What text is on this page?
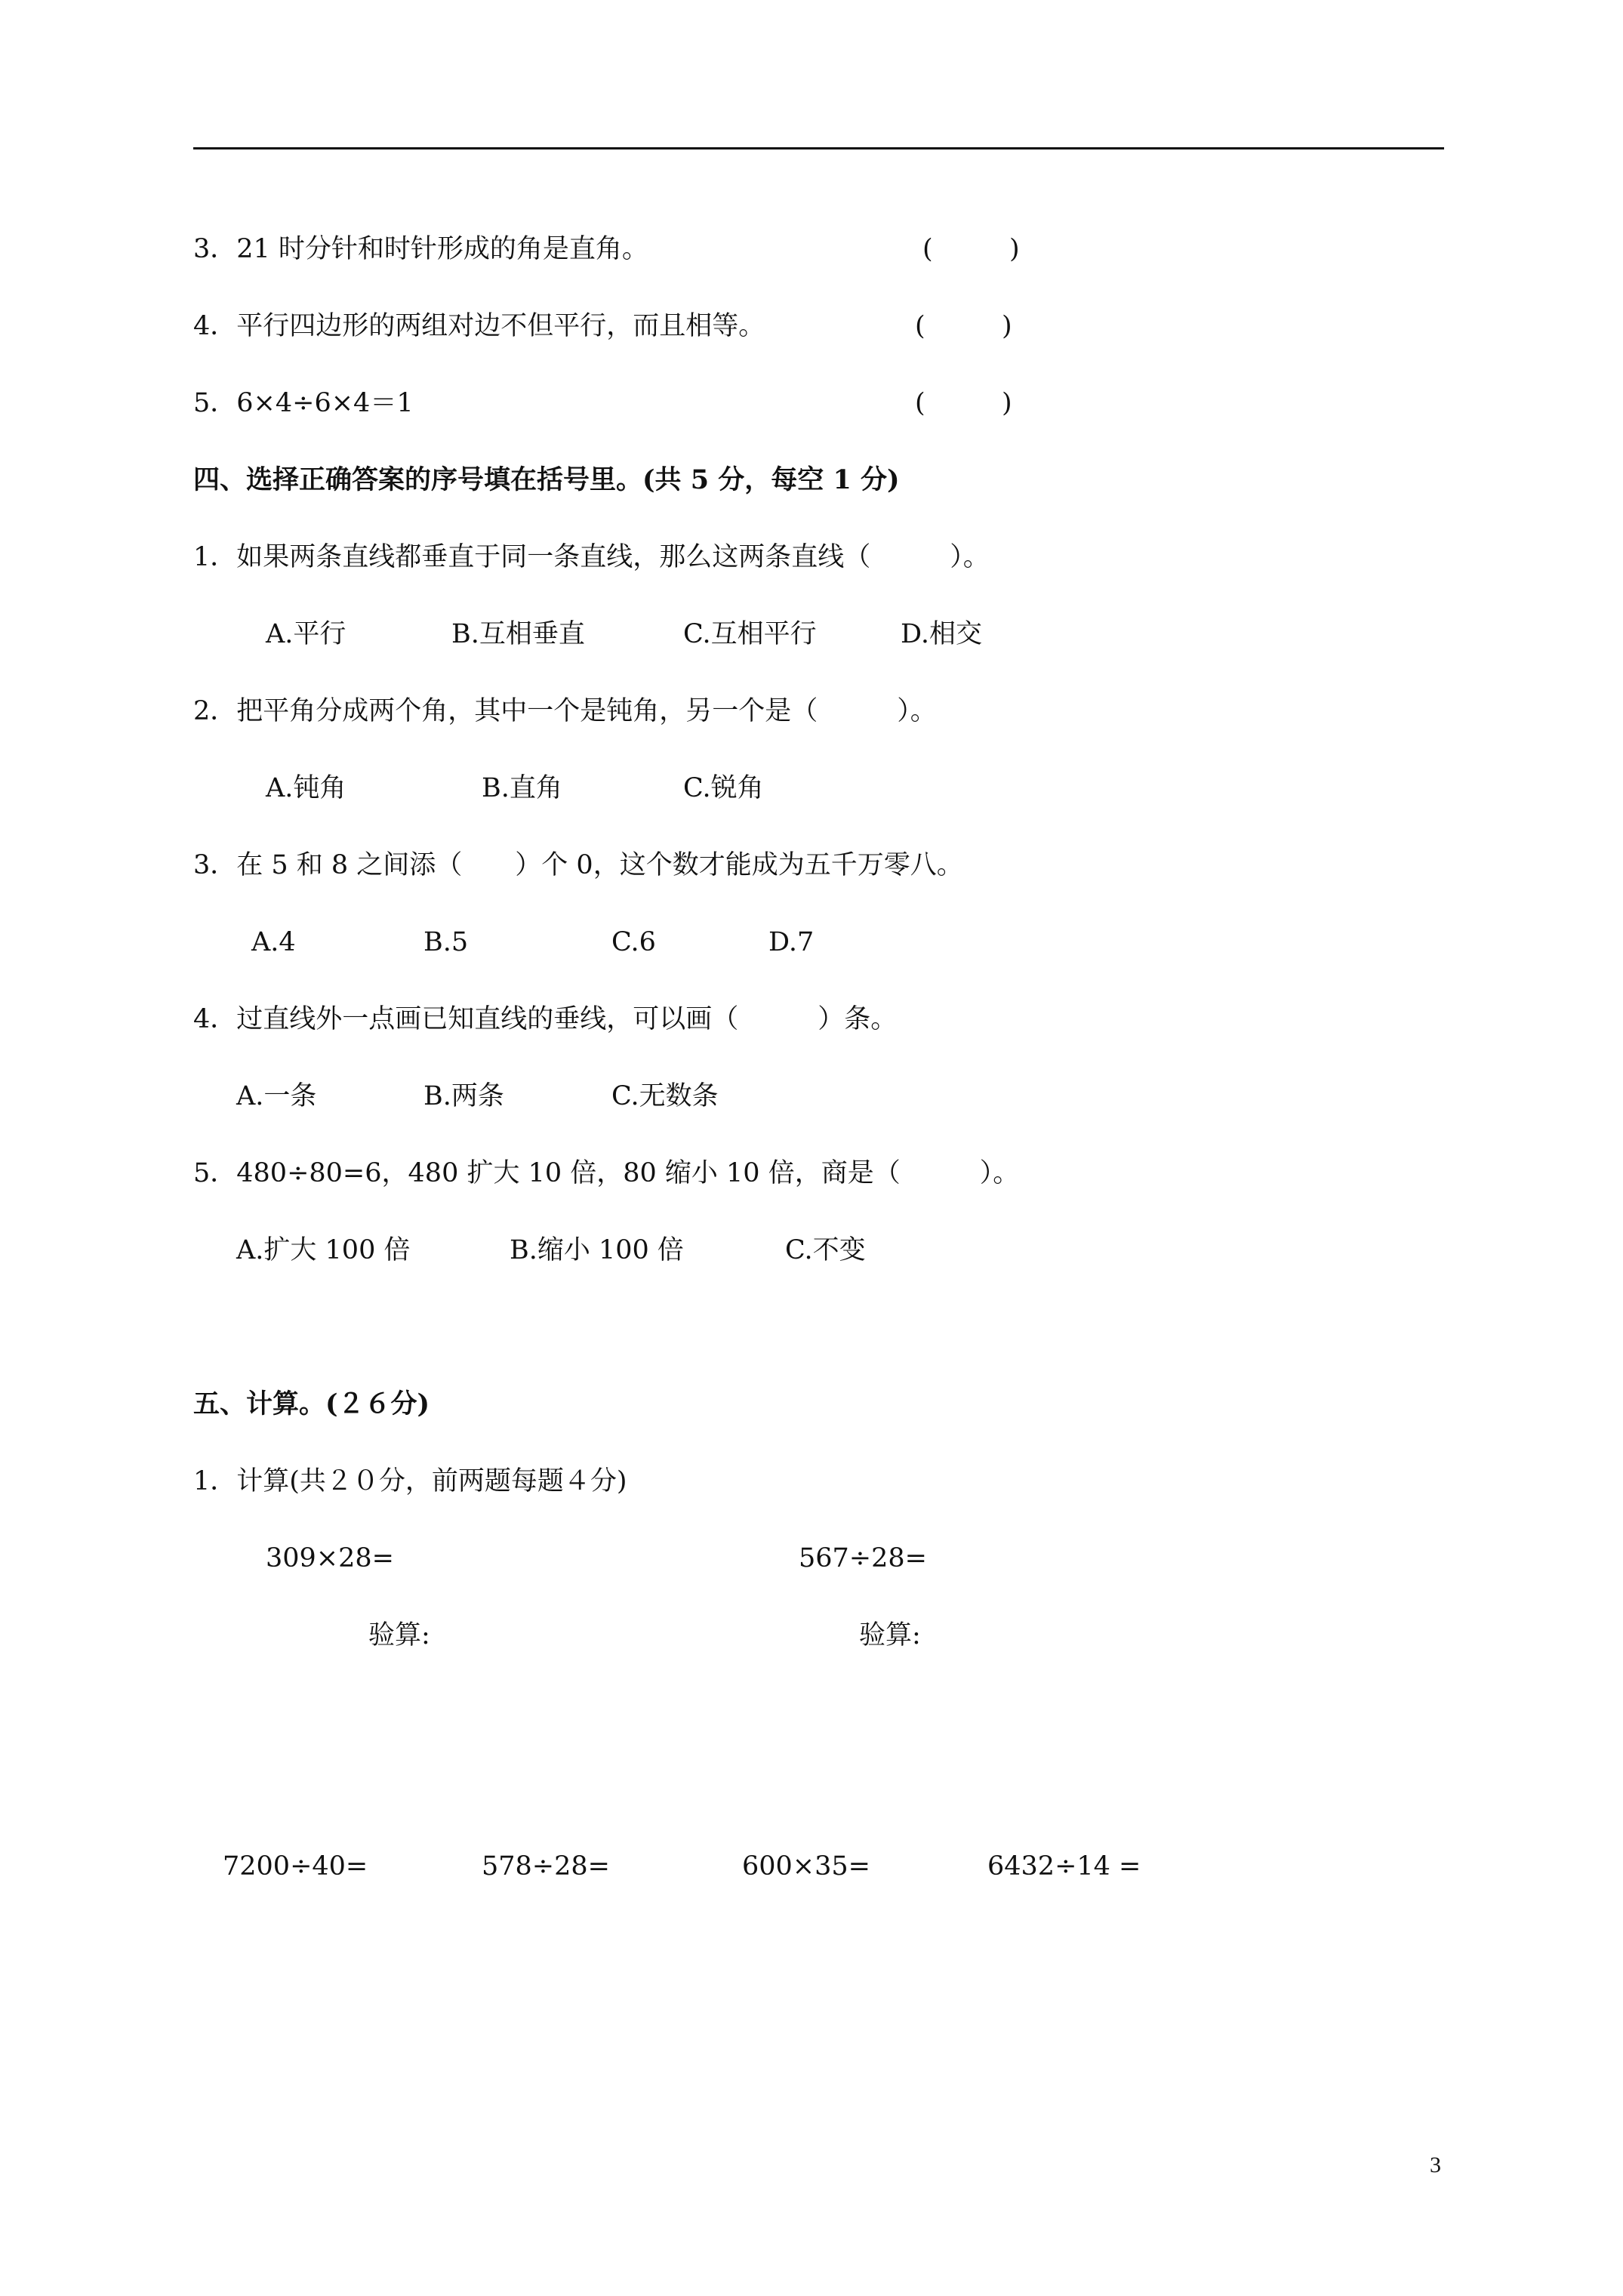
3．21 时分针和时针形成的角是直角。	(	)
4．平行四边形的两组对边不但平行，而且相等。	(	)
5．6×4÷6×4＝1	(	)
四、选择正确答案的序号填在括号里。(共 5 分，每空 1 分)
1．如果两条直线都垂直于同一条直线，那么这两条直线（　　　）。
A.平行	B.互相垂直	C.互相平行	D.相交
2．把平角分成两个角，其中一个是钝角，另一个是（　　　）。
A.钝角	B.直角	C.锐角
3．在 5 和 8 之间添（　　）个 0，这个数才能成为五千万零八。
A.4	B.5	C.6	D.7
4．过直线外一点画已知直线的垂线，可以画（　　　）条。
A.一条	B.两条	C.无数条
5．480÷80=6，480 扩大 10 倍，80 缩小 10 倍，商是（　　　）。
A.扩大 100 倍	B.缩小 100 倍	C.不变
五、计算。(２６分)
1．计算(共２０分，前两题每题４分)
309×28=	567÷28=
验算:	验算:
7200÷40=	578÷28=	600×35=	6432÷14 =
3
